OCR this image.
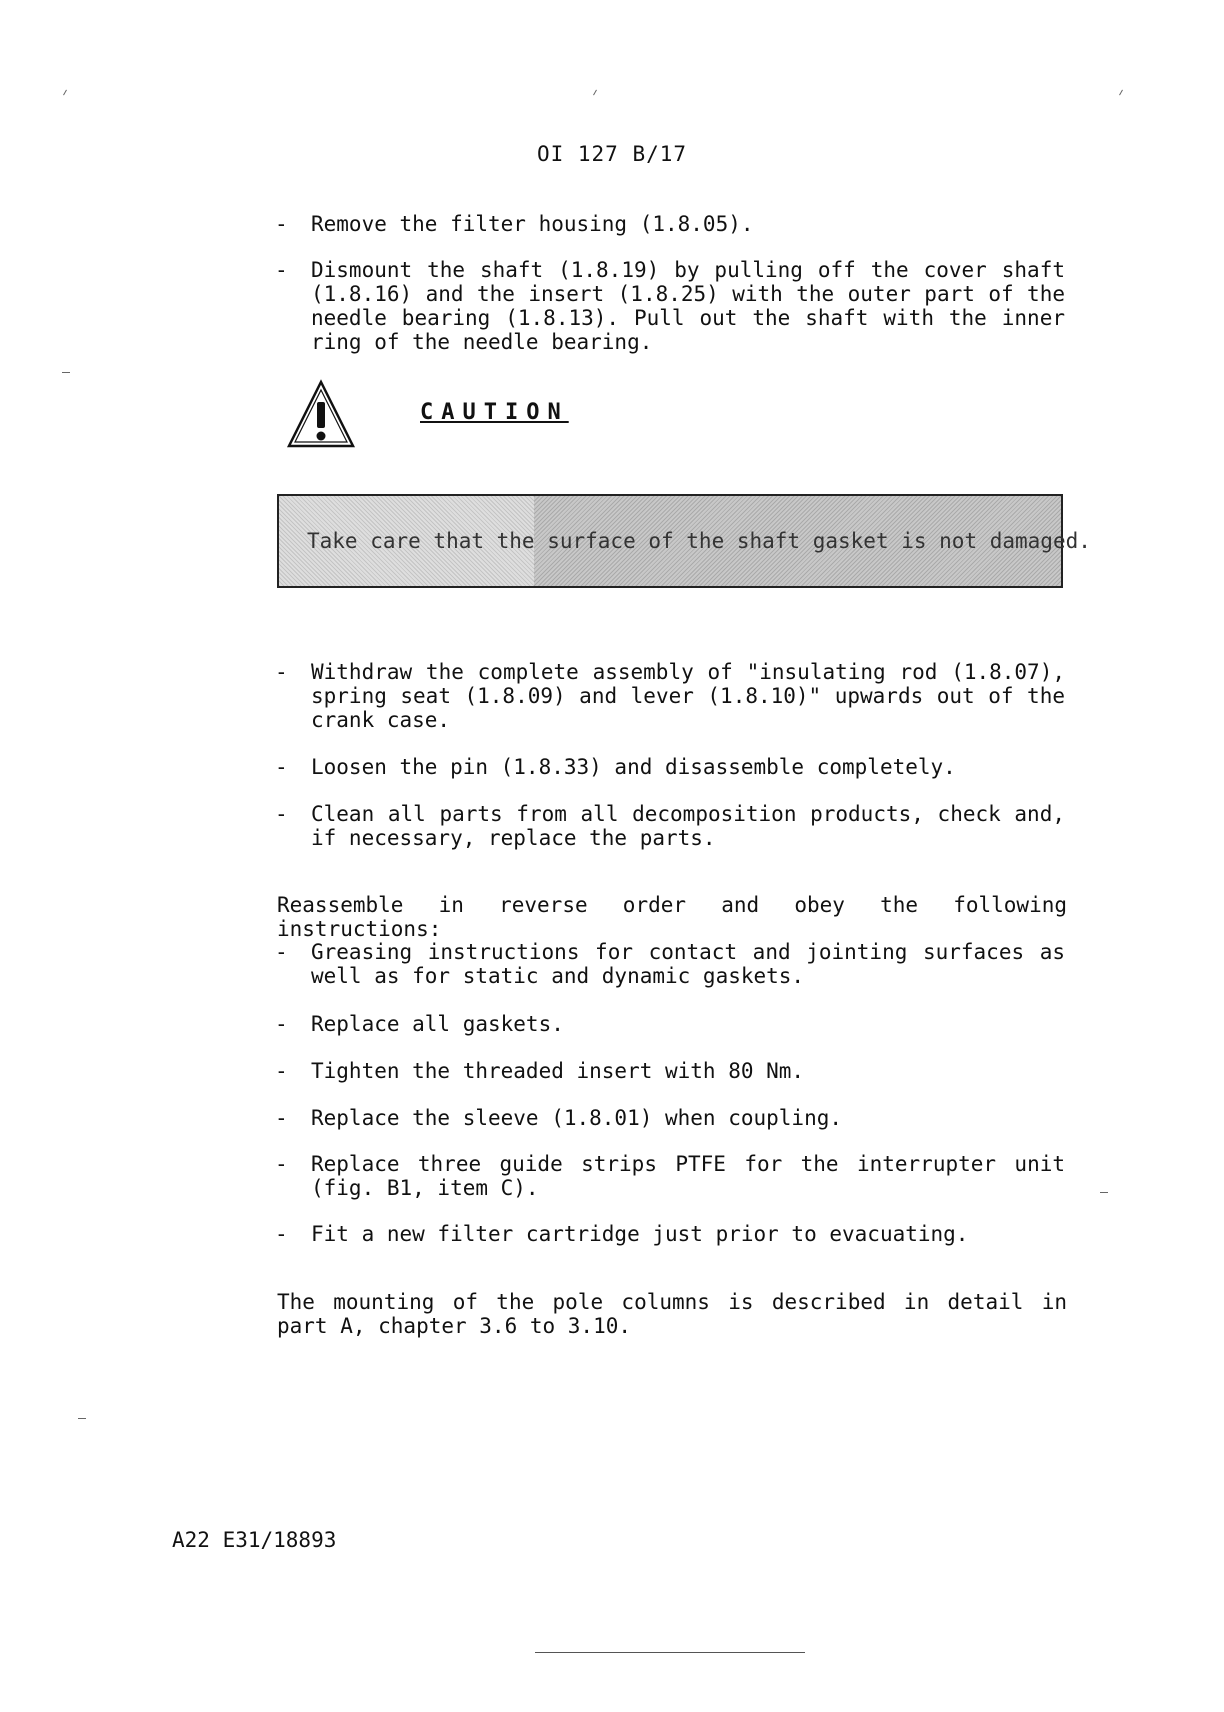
OI 127 B/17
- Remove the filter housing (1.8.05).
- Dismount the shaft (1.8.19) by pulling off the cover shaft (1.8.16) and the insert (1.8.25) with the outer part of the needle bearing (1.8.13). Pull out the shaft with the inner ring of the needle bearing.
CAUTION
Take care that the surface of the shaft gasket is not damaged.
- Withdraw the complete assembly of "insulating rod (1.8.07), spring seat (1.8.09) and lever (1.8.10)" upwards out of the crank case.
- Loosen the pin (1.8.33) and disassemble completely.
- Clean all parts from all decomposition products, check and, if necessary, replace the parts.
Reassemble in reverse order and obey the following instructions:
- Greasing instructions for contact and jointing surfaces as well as for static and dynamic gaskets.
- Replace all gaskets.
- Tighten the threaded insert with 80 Nm.
- Replace the sleeve (1.8.01) when coupling.
- Replace three guide strips PTFE for the interrupter unit (fig. B1, item C).
- Fit a new filter cartridge just prior to evacuating.
The mounting of the pole columns is described in detail in part A, chapter 3.6 to 3.10.
A22 E31/18893
